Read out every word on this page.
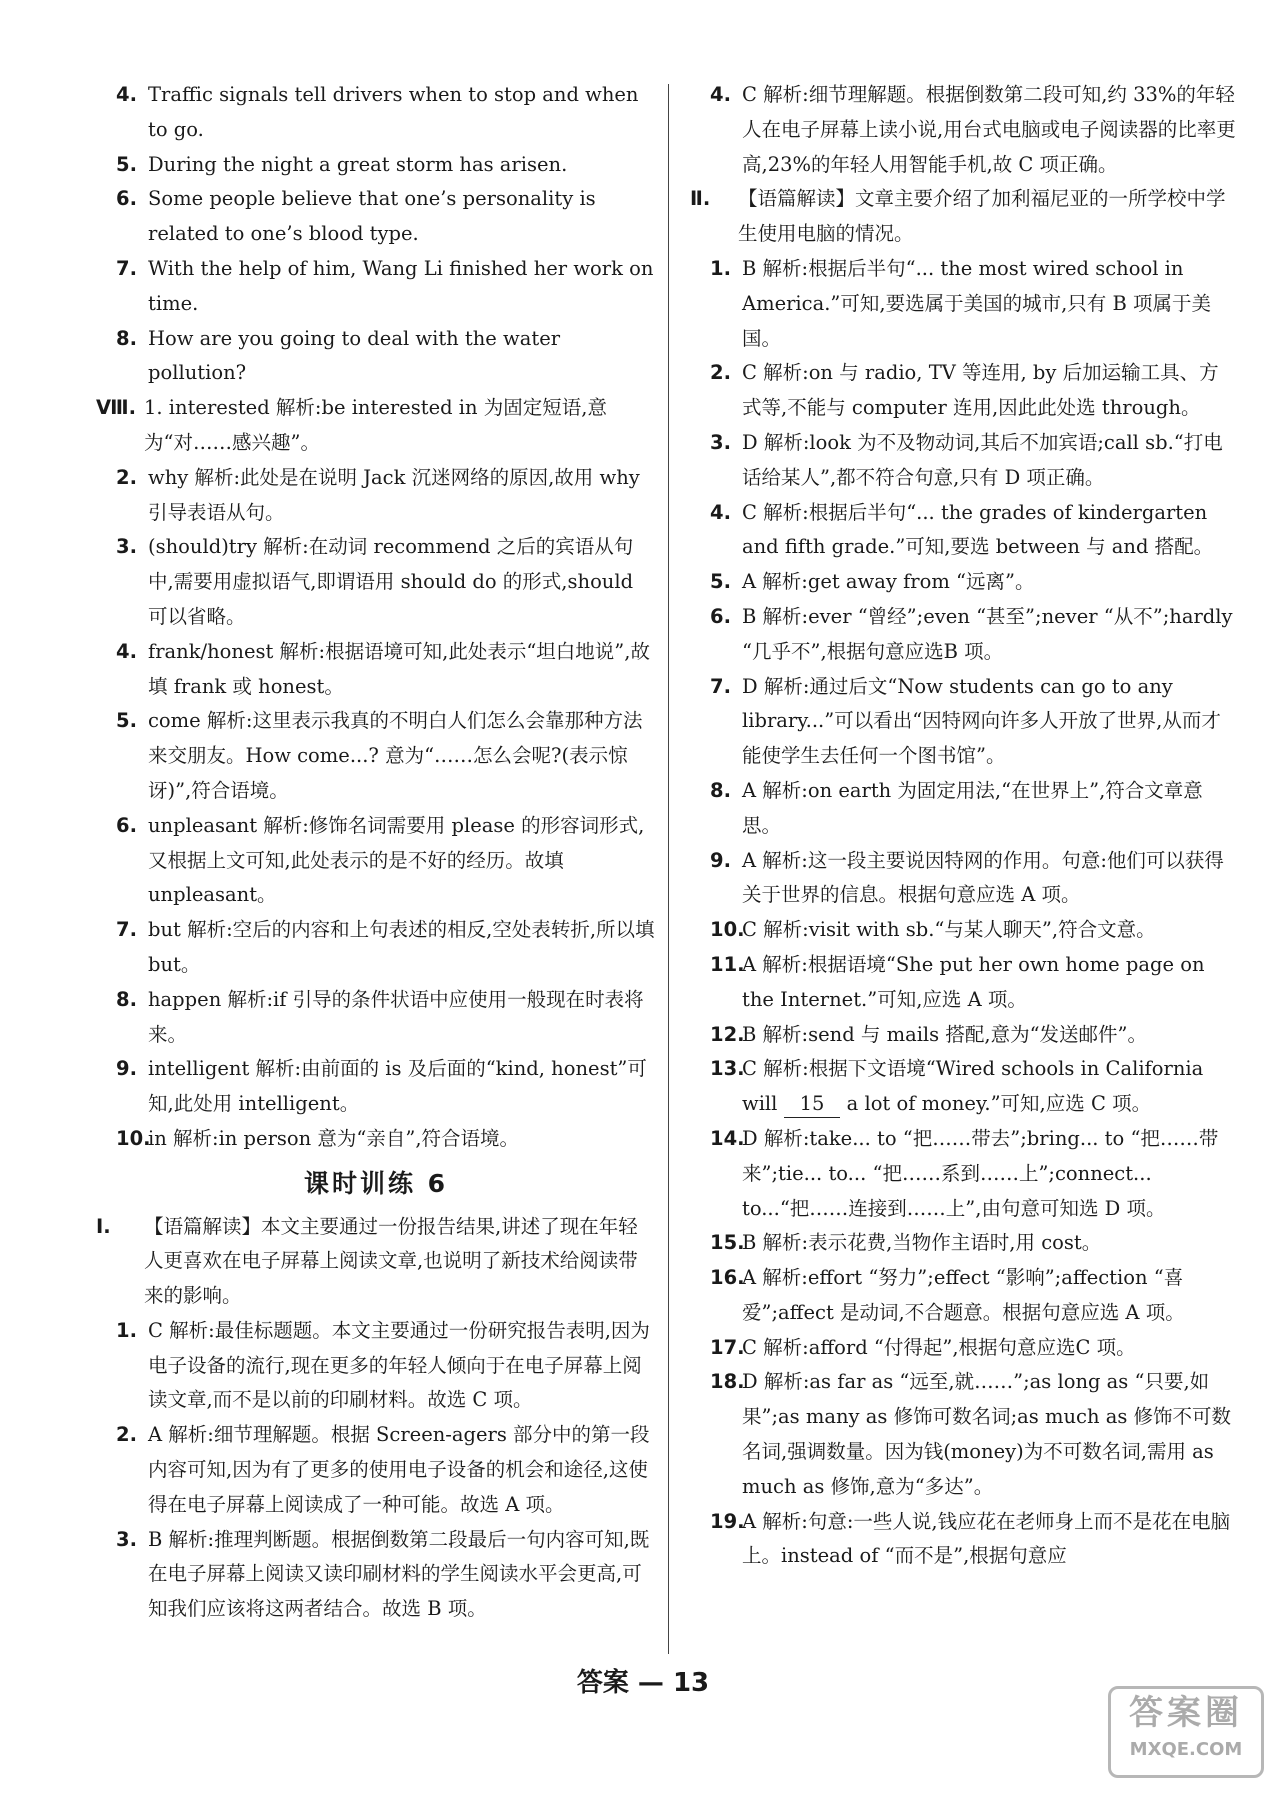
4. Traffic signals tell drivers when to stop and when to go.
5. During the night a great storm has arisen.
6. Some people believe that one’s personality is related to one’s blood type.
7. With the help of him, Wang Li finished her work on time.
8. How are you going to deal with the water pollution?
Ⅷ. 1. interested 解析:be interested in 为固定短语,意为“对……感兴趣”。
2. why 解析:此处是在说明 Jack 沉迷网络的原因,故用 why 引导表语从句。
3. (should)try 解析:在动词 recommend 之后的宾语从句中,需要用虚拟语气,即谓语用 should do 的形式,should 可以省略。
4. frank/honest 解析:根据语境可知,此处表示“坦白地说”,故填 frank 或 honest。
5. come 解析:这里表示我真的不明白人们怎么会靠那种方法来交朋友。How come...? 意为“……怎么会呢?(表示惊讶)”,符合语境。
6. unpleasant 解析:修饰名词需要用 please 的形容词形式,又根据上文可知,此处表示的是不好的经历。故填 unpleasant。
7. but 解析:空后的内容和上句表述的相反,空处表转折,所以填 but。
8. happen 解析:if 引导的条件状语中应使用一般现在时表将来。
9. intelligent 解析:由前面的 is 及后面的“kind, honest”可知,此处用 intelligent。
10.
in 解析:in person 意为“亲自”,符合语境。
课时训练 6
Ⅰ. 【语篇解读】本文主要通过一份报告结果,讲述了现在年轻人更喜欢在电子屏幕上阅读文章,也说明了新技术给阅读带来的影响。
1. C 解析:最佳标题题。本文主要通过一份研究报告表明,因为电子设备的流行,现在更多的年轻人倾向于在电子屏幕上阅读文章,而不是以前的印刷材料。故选 C 项。
2. A 解析:细节理解题。根据 Screen-agers 部分中的第一段内容可知,因为有了更多的使用电子设备的机会和途径,这使得在电子屏幕上阅读成了一种可能。故选 A 项。
3. B 解析:推理判断题。根据倒数第二段最后一句内容可知,既在电子屏幕上阅读又读印刷材料的学生阅读水平会更高,可知我们应该将这两者结合。故选 B 项。
4. C 解析:细节理解题。根据倒数第二段可知,约 33%的年轻人在电子屏幕上读小说,用台式电脑或电子阅读器的比率更高,23%的年轻人用智能手机,故 C 项正确。
Ⅱ. 【语篇解读】文章主要介绍了加利福尼亚的一所学校中学生使用电脑的情况。
1. B 解析:根据后半句“... the most wired school in America.”可知,要选属于美国的城市,只有 B 项属于美国。
2. C 解析:on 与 radio, TV 等连用, by 后加运输工具、方式等,不能与 computer 连用,因此此处选 through。
3. D 解析:look 为不及物动词,其后不加宾语;call sb.“打电话给某人”,都不符合句意,只有 D 项正确。
4. C 解析:根据后半句“... the grades of kindergarten and fifth grade.”可知,要选 between 与 and 搭配。
5. A 解析:get away from “远离”。
6. B 解析:ever “曾经”;even “甚至”;never “从不”;hardly “几乎不”,根据句意应选B 项。
7. D 解析:通过后文“Now students can go to any library...”可以看出“因特网向许多人开放了世界,从而才能使学生去任何一个图书馆”。
8. A 解析:on earth 为固定用法,“在世界上”,符合文章意思。
9. A 解析:这一段主要说因特网的作用。句意:他们可以获得关于世界的信息。根据句意应选 A 项。
10.
C 解析:visit with sb.“与某人聊天”,符合文意。
11.
A 解析:根据语境“She put her own home page on the Internet.”可知,应选 A 项。
12.
B 解析:send 与 mails 搭配,意为“发送邮件”。
13.
C 解析:根据下文语境“Wired schools in California will 15 a lot of money.”可知,应选 C 项。
14.
D 解析:take... to “把……带去”;bring... to “把……带来”;tie... to... “把……系到……上”;connect... to...“把……连接到……上”,由句意可知选 D 项。
15.
B 解析:表示花费,当物作主语时,用 cost。
16.
A 解析:effort “努力”;effect “影响”;affection “喜爱”;affect 是动词,不合题意。根据句意应选 A 项。
17.
C 解析:afford “付得起”,根据句意应选C 项。
18.
D 解析:as far as “远至,就……”;as long as “只要,如果”;as many as 修饰可数名词;as much as 修饰不可数名词,强调数量。因为钱(money)为不可数名词,需用 as much as 修饰,意为“多达”。
19.
A 解析:句意:一些人说,钱应花在老师身上而不是花在电脑上。instead of “而不是”,根据句意应
答案 — 13
答案圈
MXQE.COM
